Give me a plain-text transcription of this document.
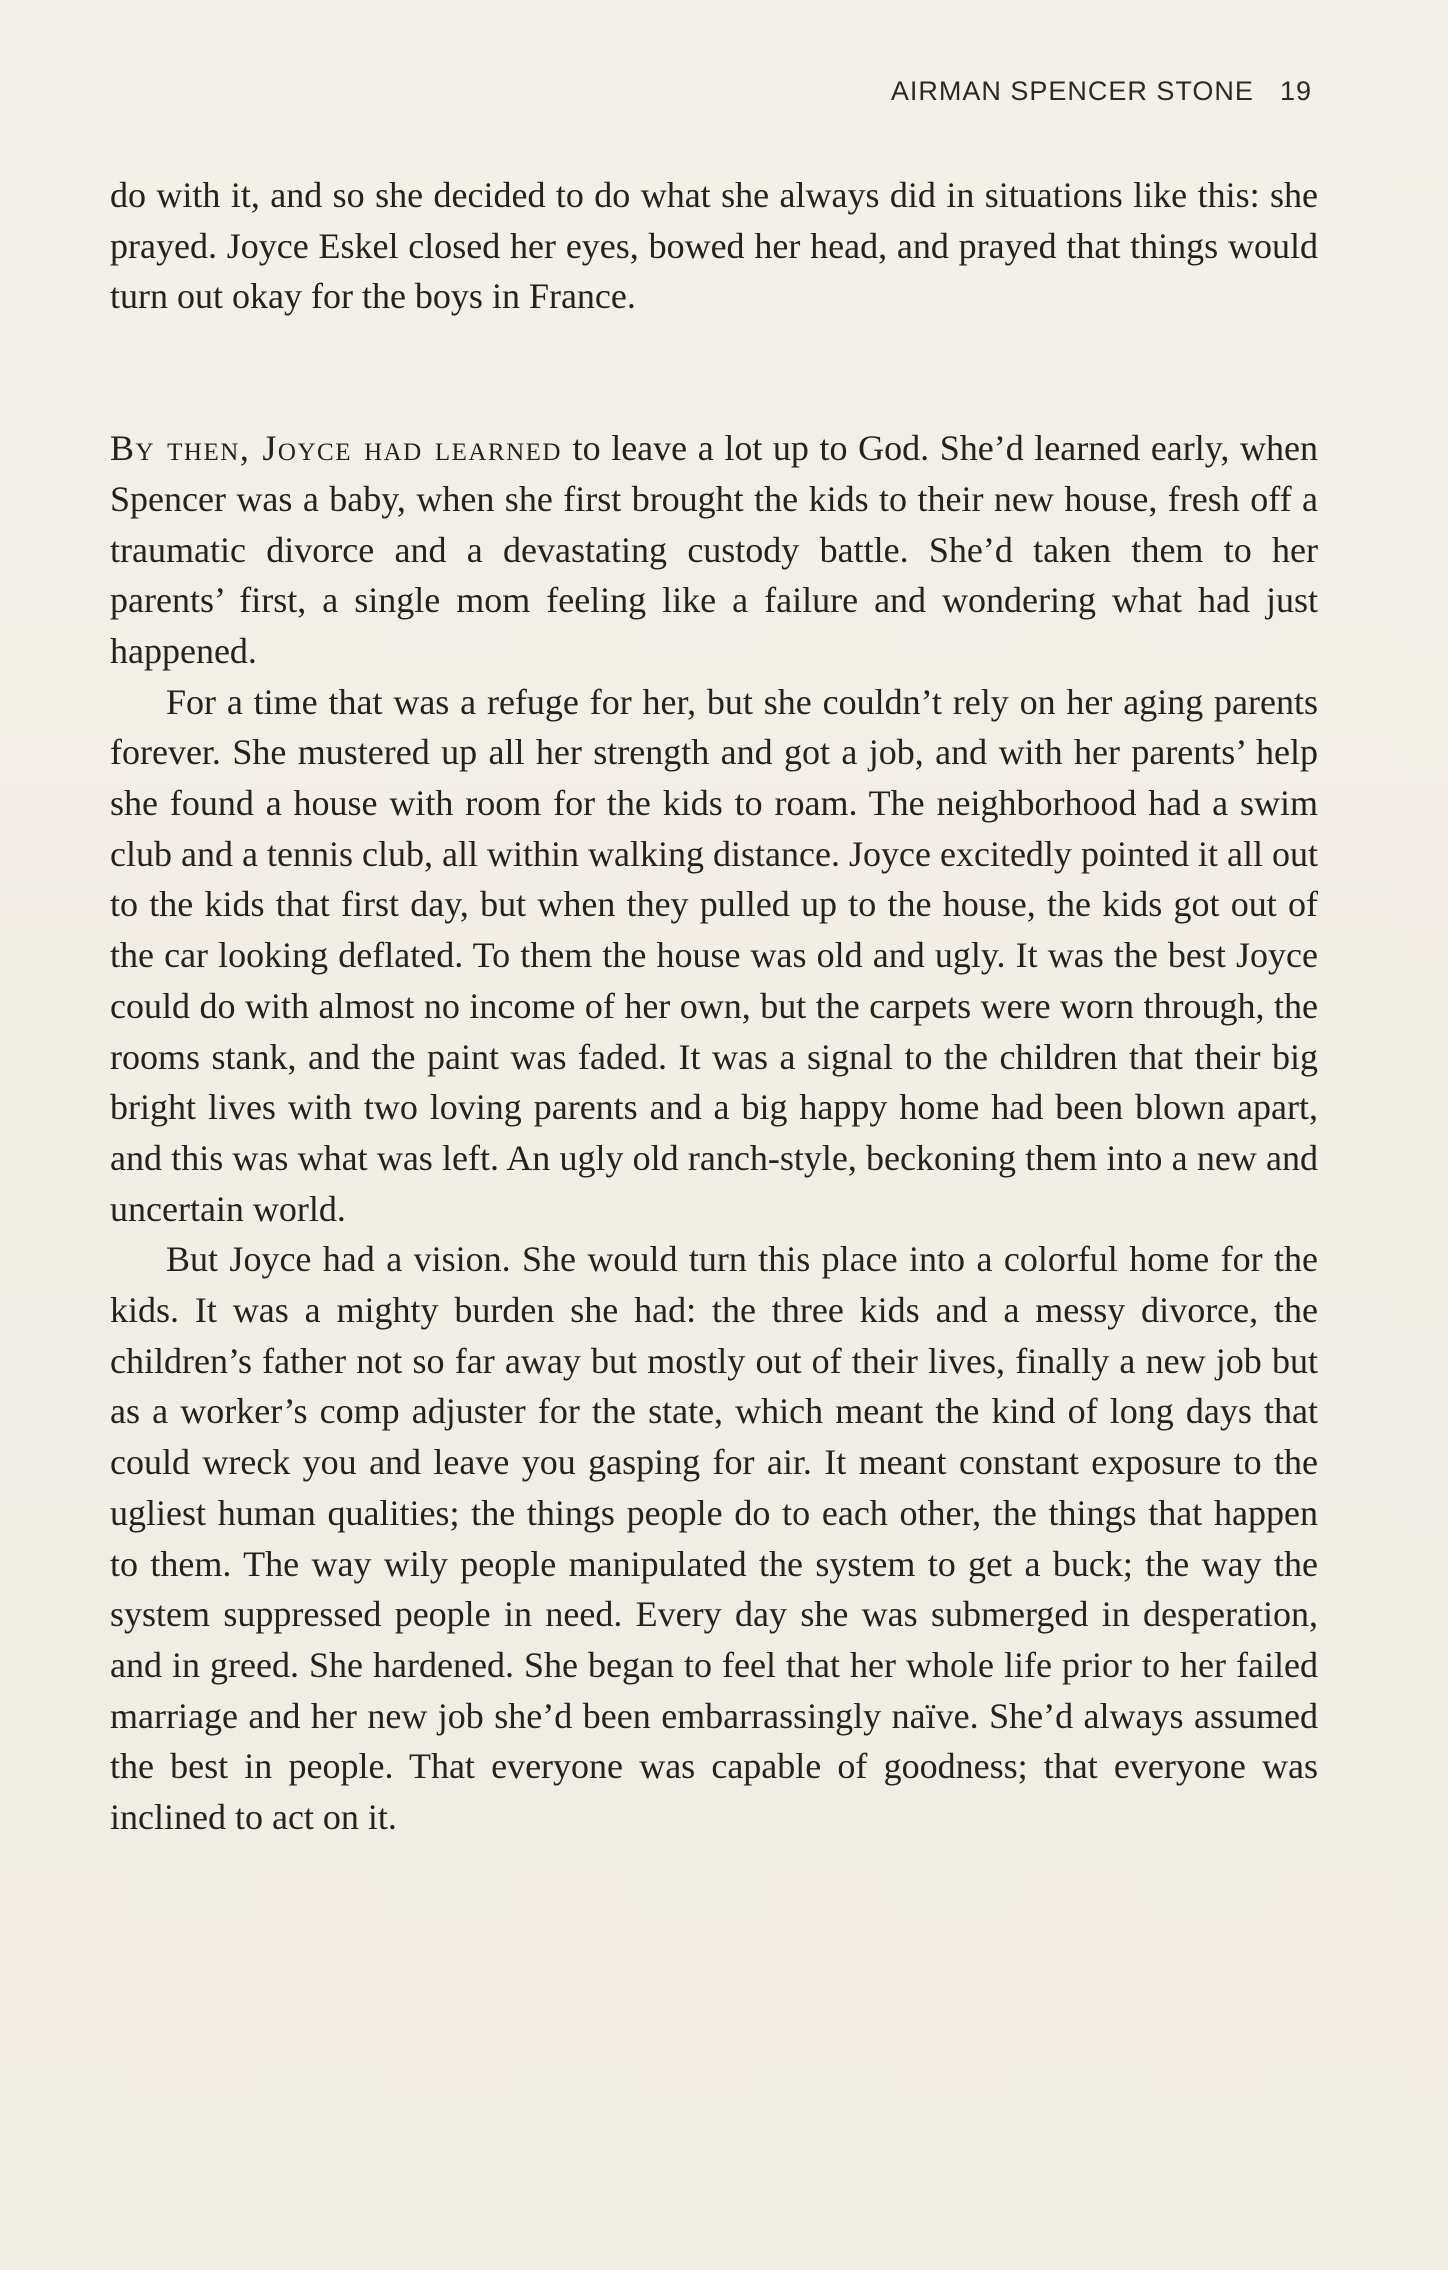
AIRMAN SPENCER STONE 19

do with it, and so she decided to do what she always did in situations like this: she prayed. Joyce Eskel closed her eyes, bowed her head, and prayed that things would turn out okay for the boys in France.

By then, Joyce had learned to leave a lot up to God. She’d learned early, when Spencer was a baby, when she first brought the kids to their new house, fresh off a traumatic divorce and a devastating custody battle. She’d taken them to her parents’ first, a single mom feeling like a failure and wondering what had just happened.

For a time that was a refuge for her, but she couldn’t rely on her aging parents forever. She mustered up all her strength and got a job, and with her parents’ help she found a house with room for the kids to roam. The neighborhood had a swim club and a tennis club, all within walking distance. Joyce excitedly pointed it all out to the kids that first day, but when they pulled up to the house, the kids got out of the car looking deflated. To them the house was old and ugly. It was the best Joyce could do with almost no income of her own, but the carpets were worn through, the rooms stank, and the paint was faded. It was a signal to the children that their big bright lives with two loving parents and a big happy home had been blown apart, and this was what was left. An ugly old ranch-style, beckoning them into a new and uncertain world.

But Joyce had a vision. She would turn this place into a colorful home for the kids. It was a mighty burden she had: the three kids and a messy divorce, the children’s father not so far away but mostly out of their lives, finally a new job but as a worker’s comp adjuster for the state, which meant the kind of long days that could wreck you and leave you gasping for air. It meant constant exposure to the ugliest human qualities; the things people do to each other, the things that happen to them. The way wily people manipulated the system to get a buck; the way the system suppressed people in need. Every day she was submerged in desperation, and in greed. She hardened. She began to feel that her whole life prior to her failed marriage and her new job she’d been embarrassingly naïve. She’d always assumed the best in people. That everyone was capable of goodness; that everyone was inclined to act on it.
